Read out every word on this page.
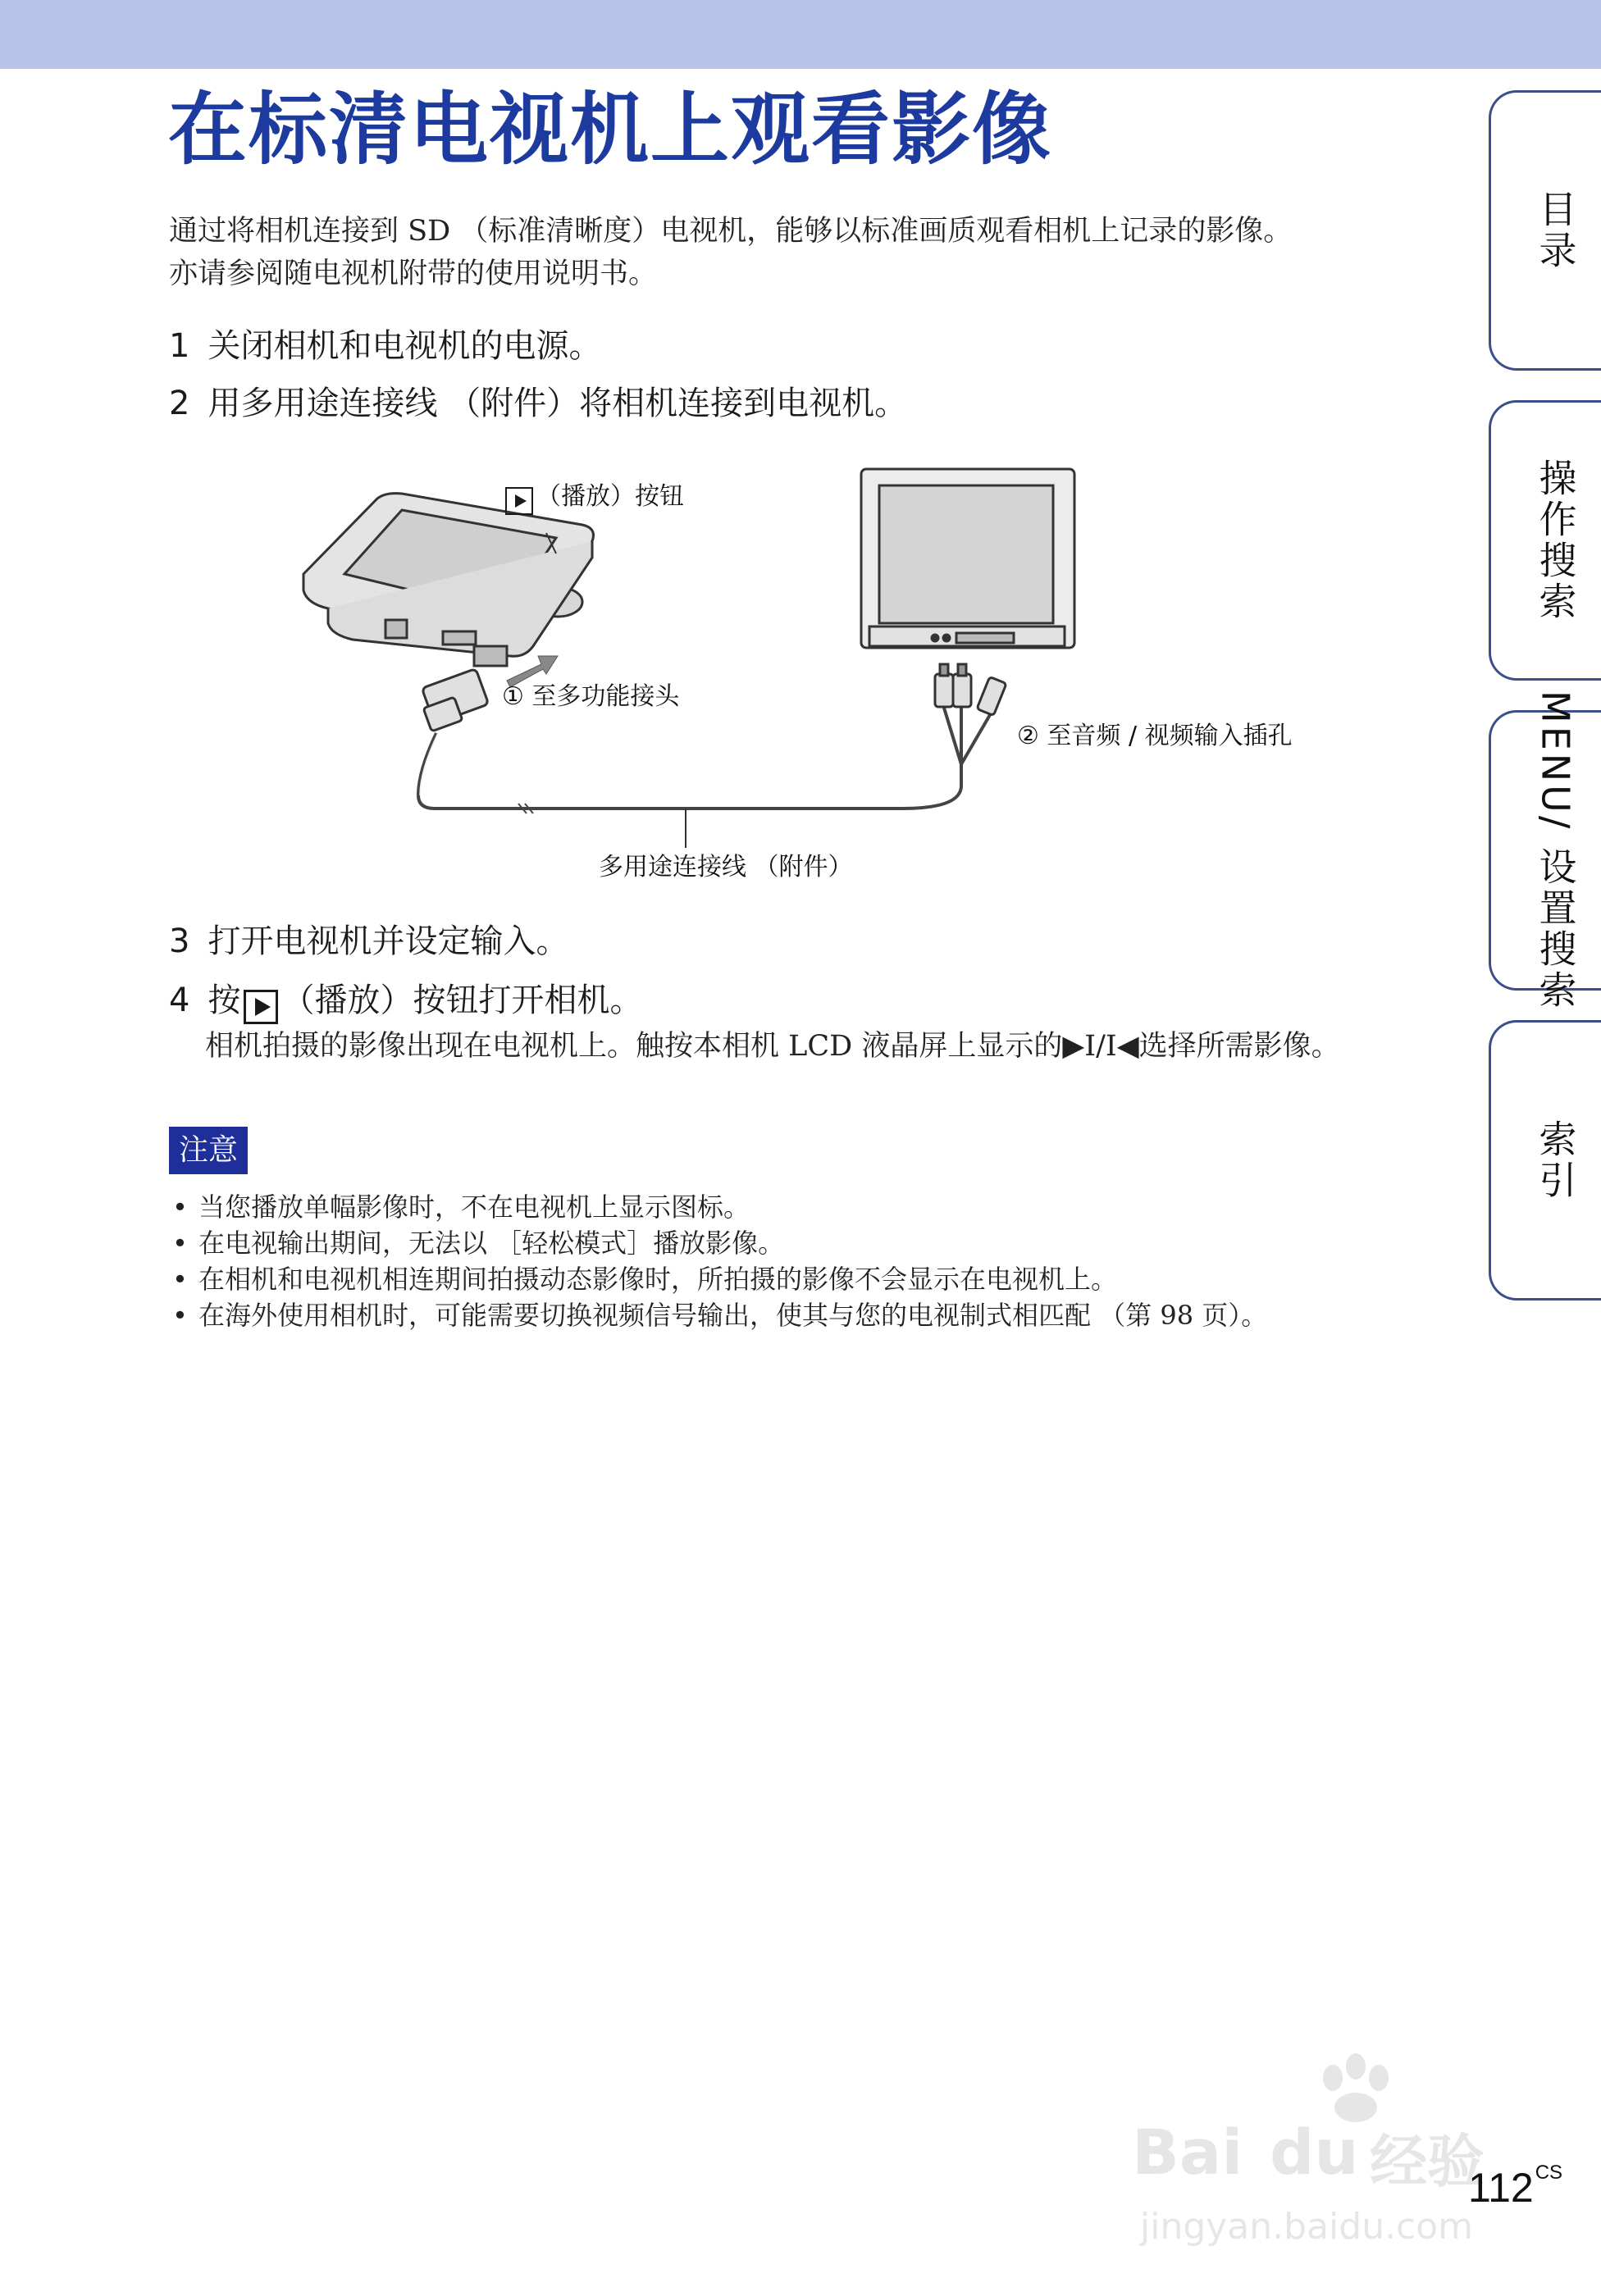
在标清电视机上观看影像

通过将相机连接到 SD （标准清晰度）电视机，能够以标准画质观看相机上记录的影像。

亦请参阅随电视机附带的使用说明书。

1 关闭相机和电视机的电源。
2 用多用途连接线 （附件）将相机连接到电视机。
（播放）按钮
① 至多功能接头
② 至音频 / 视频输入插孔
多用途连接线 （附件）
3 打开电视机并设定输入。
4 按 （播放）按钮打开相机。
相机拍摄的影像出现在电视机上。触按本相机 LCD 液晶屏上显示的▶I/I◀选择所需影像。
注意
• 当您播放单幅影像时，不在电视机上显示图标。
• 在电视输出期间，无法以 ［轻松模式］播放影像。
• 在相机和电视机相连期间拍摄动态影像时，所拍摄的影像不会显示在电视机上。
• 在海外使用相机时，可能需要切换视频信号输出，使其与您的电视制式相匹配 （第 98 页）。
目录
操作搜索
MENU/ 设置搜索
索引
Bai du 经验
jingyan.baidu.com
$112^{CS}$
